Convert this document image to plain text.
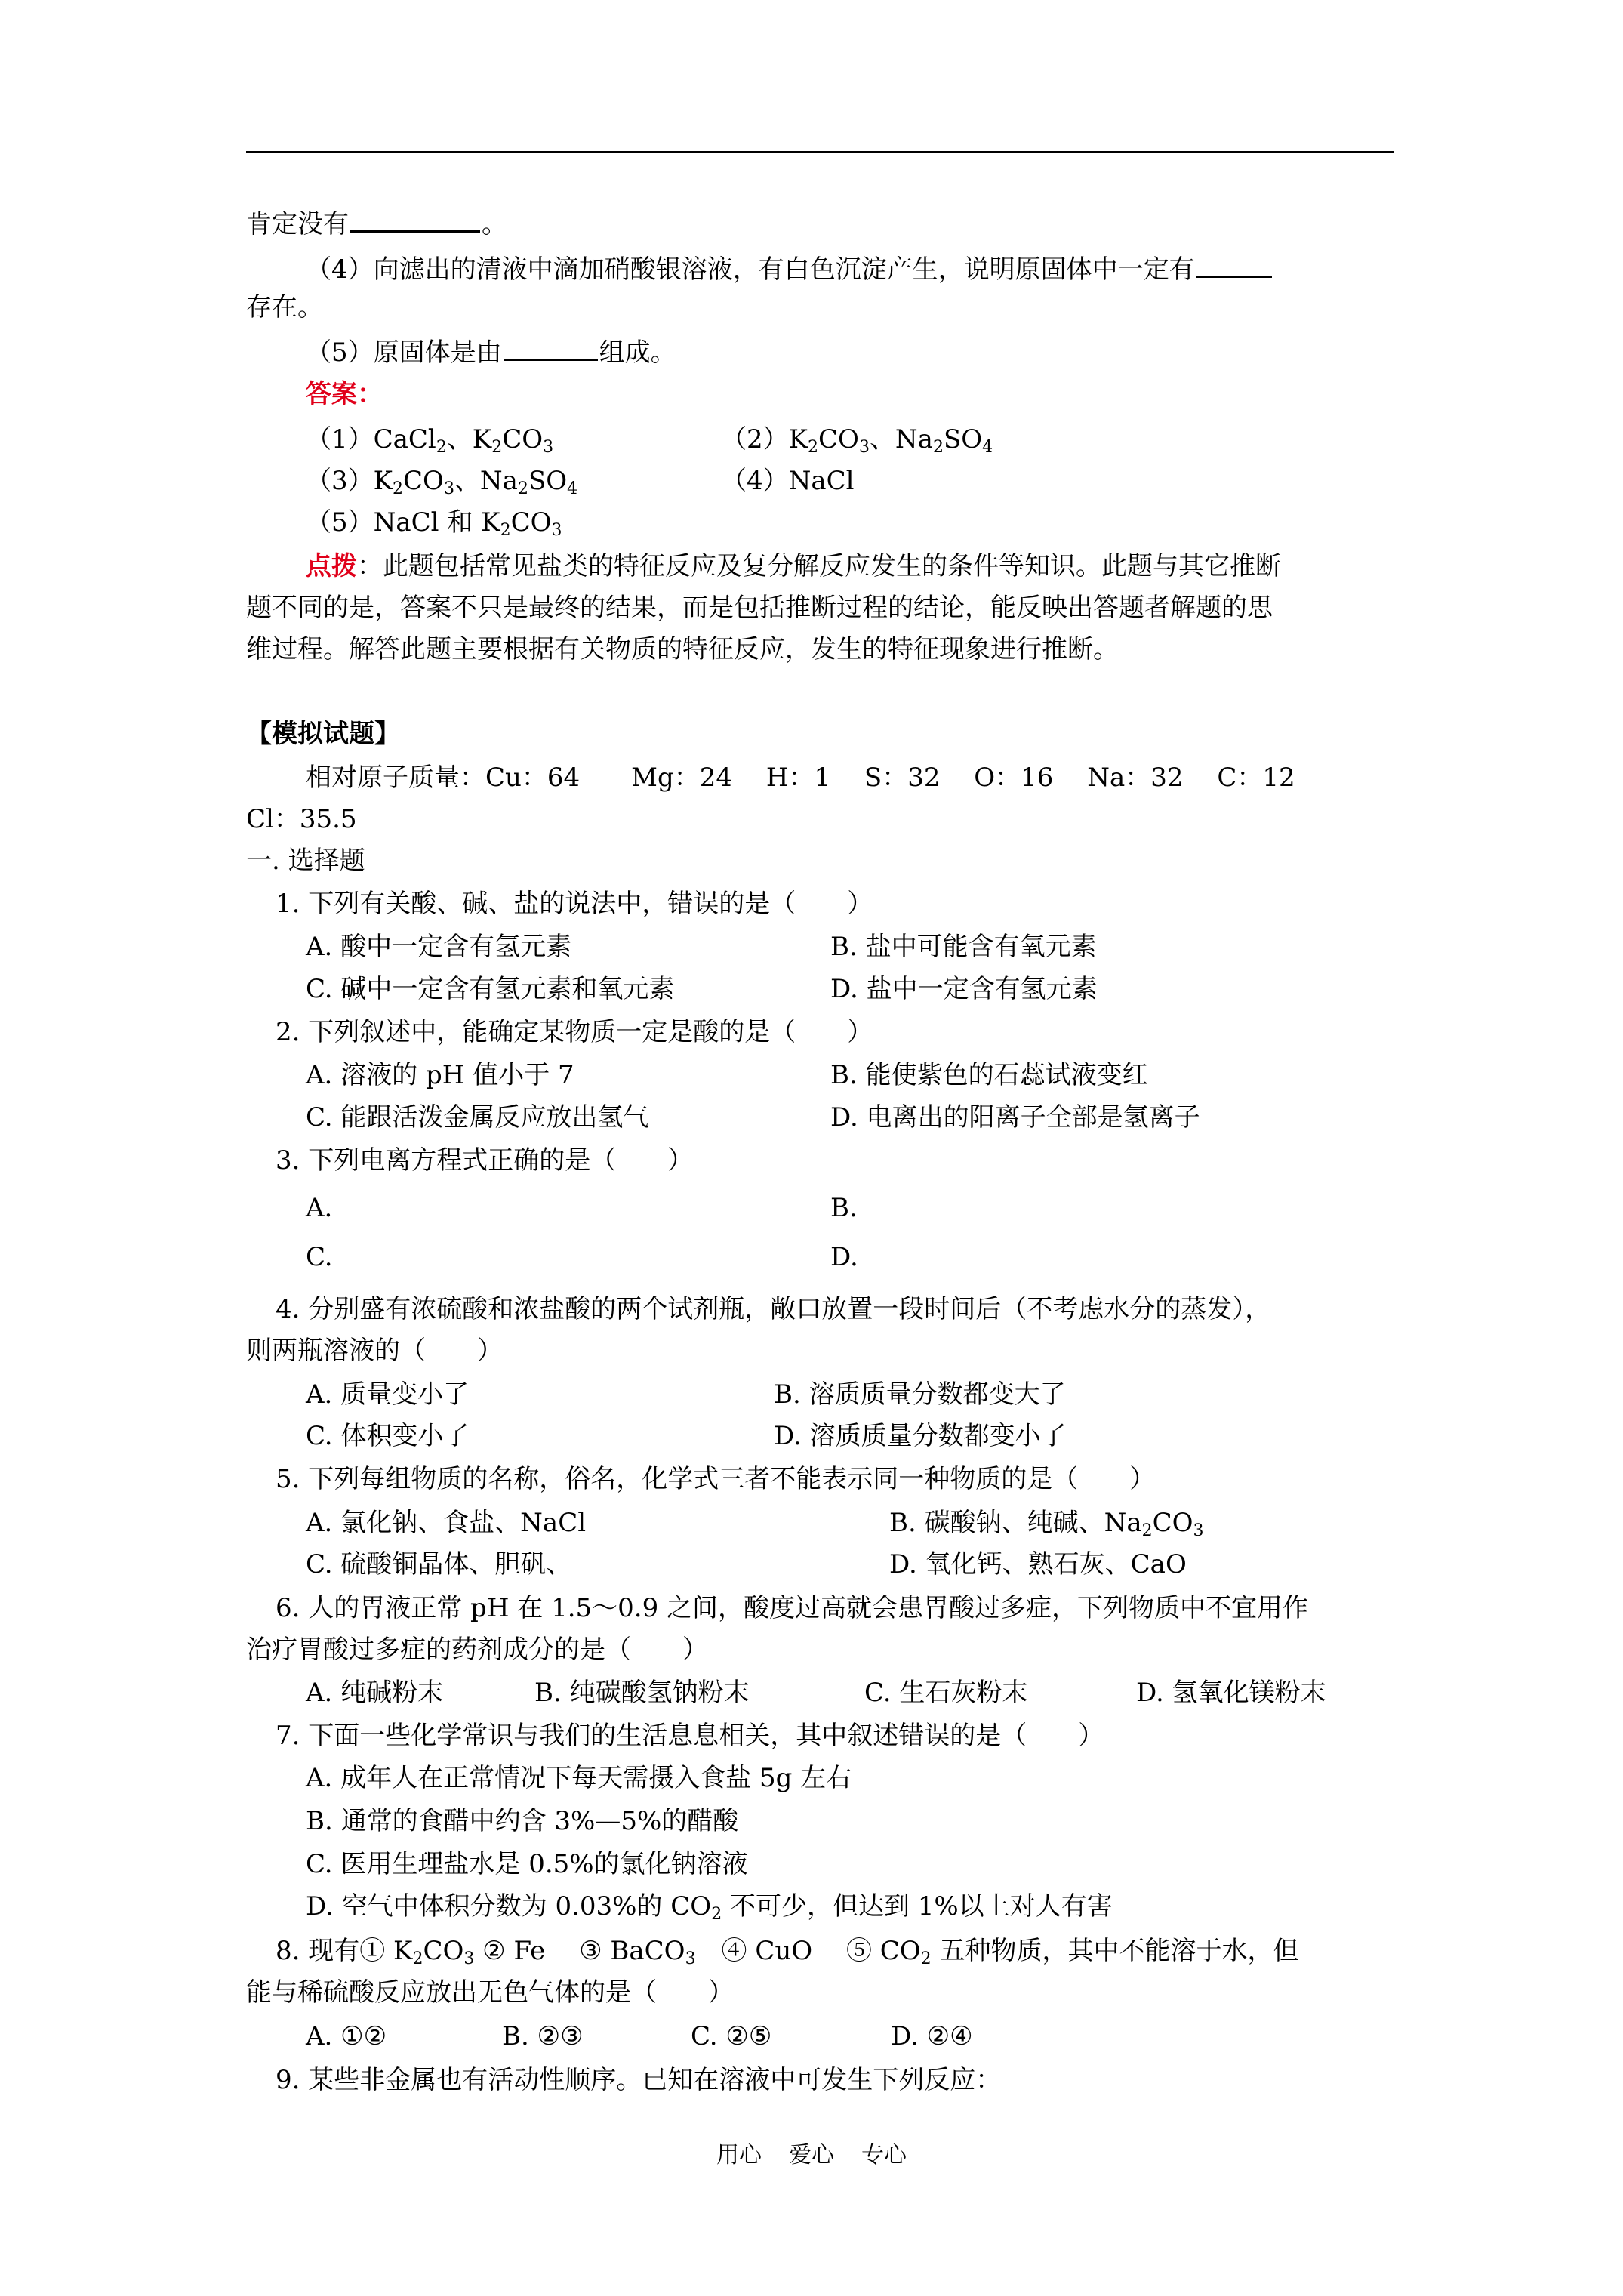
肯定没有	。
（4）向滤出的清液中滴加硝酸银溶液，有白色沉淀产生，说明原固体中一定有
存在。
（5）原固体是由	组成。
答案：
（1）CaCl$_2$、$K_2CO_3$	$(2)K_2CO_3$、$Na_2SO_4$
$(3)K_2CO_3$、$Na_2SO_4$	（4）NaCl
（5）NaCl 和 $K_2CO_3$
点拨：此题包括常见盐类的特征反应及复分解反应发生的条件等知识。此题与其它推断
题不同的是，答案不只是最终的结果，而是包括推断过程的结论，能反映出答题者解题的思
维过程。解答此题主要根据有关物质的特征反应，发生的特征现象进行推断。
【模拟试题】
相对原子质量：Cu：64　　Mg：24　 H：1　 S：32　 O：16　 Na：32　 C：12
Cl：35.5
一. 选择题
1. 下列有关酸、碱、盐的说法中，错误的是（　　）
A. 酸中一定含有氢元素	B. 盐中可能含有氧元素
C. 碱中一定含有氢元素和氧元素	D. 盐中一定含有氢元素
2. 下列叙述中，能确定某物质一定是酸的是（　　）
A. 溶液的 pH 值小于 7	B. 能使紫色的石蕊试液变红
C. 能跟活泼金属反应放出氢气	D. 电离出的阳离子全部是氢离子
3. 下列电离方程式正确的是（　　）
A.	B.
C.	D.
4. 分别盛有浓硫酸和浓盐酸的两个试剂瓶，敞口放置一段时间后（不考虑水分的蒸发），
则两瓶溶液的（　　）
A. 质量变小了	B. 溶质质量分数都变大了
C. 体积变小了	D. 溶质质量分数都变小了
5. 下列每组物质的名称，俗名，化学式三者不能表示同一种物质的是（　　）
A. 氯化钠、食盐、NaCl	B. 碳酸钠、纯碱、$Na_2CO_3$
C. 硫酸铜晶体、胆矾、	D. 氧化钙、熟石灰、CaO
6. 人的胃液正常 pH 在 1.5～0.9 之间，酸度过高就会患胃酸过多症，下列物质中不宜用作
治疗胃酸过多症的药剂成分的是（　　）
A. 纯碱粉末	B. 纯碳酸氢钠粉末	C. 生石灰粉末	D. 氢氧化镁粉末
7. 下面一些化学常识与我们的生活息息相关，其中叙述错误的是（　　）
A. 成年人在正常情况下每天需摄入食盐 5g 左右
B. 通常的食醋中约含 3%—5%的醋酸
C. 医用生理盐水是 0.5%的氯化钠溶液
D. 空气中体积分数为 0.03%的 $CO_2$ 不可少，但达到 1%以上对人有害
8. 现有① $K_2CO_3$ ② Fe　 ③ BaCO$_3$　④ CuO　 ⑤ $CO_2$ 五种物质，其中不能溶于水，但
能与稀硫酸反应放出无色气体的是（　　）
A. ①②	B. ②③	C. ②⑤	D. ②④
9. 某些非金属也有活动性顺序。已知在溶液中可发生下列反应：
用心 爱心 专心
